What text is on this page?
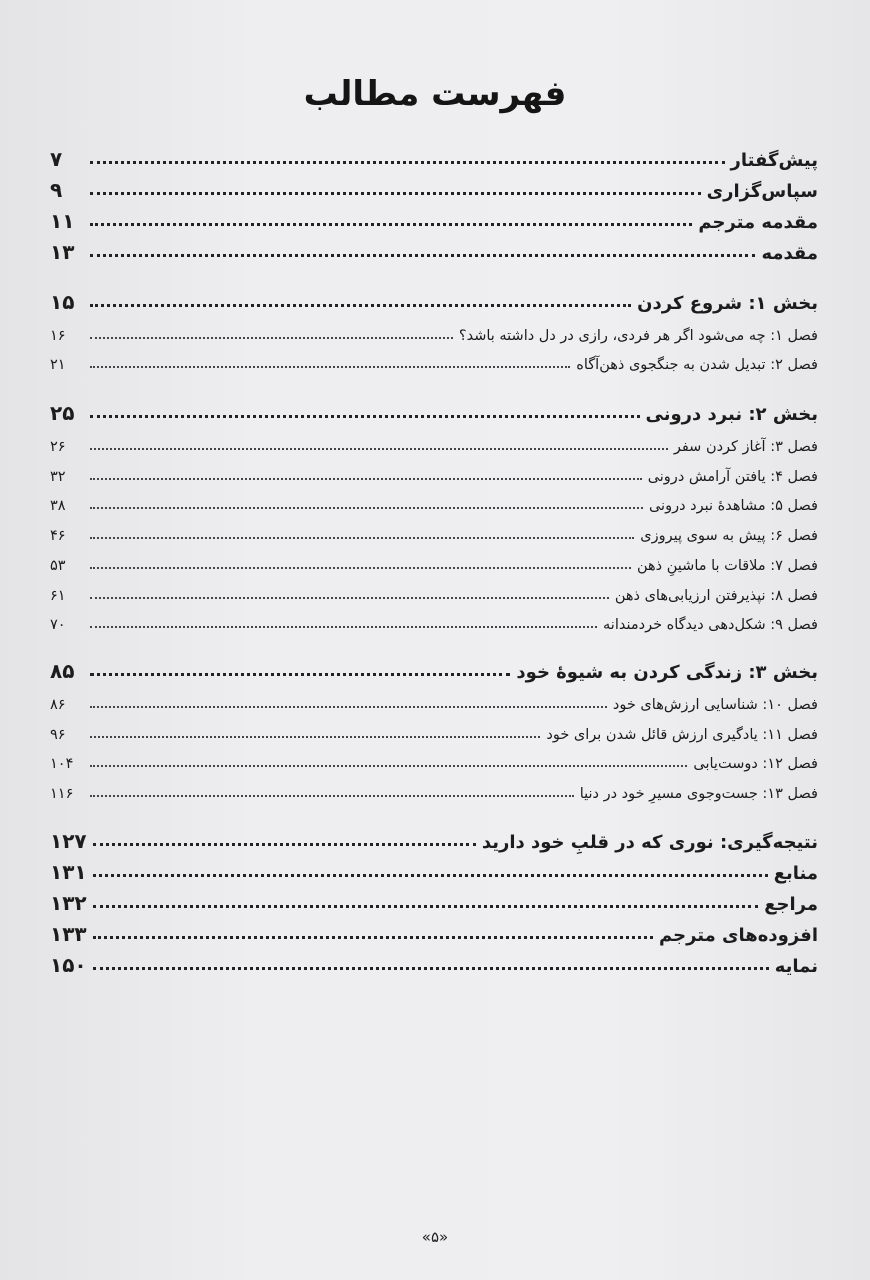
فهرست مطالب
پیش‌گفتار
۷
سپاس‌گزاری
۹
مقدمه مترجم
۱۱
مقدمه
۱۳
بخش ۱: شروع کردن
۱۵
فصل ۱: چه می‌شود اگر هر فردی، رازی در دل داشته باشد؟
۱۶
فصل ۲: تبدیل شدن به جنگجوی ذهن‌آگاه
۲۱
بخش ۲: نبرد درونی
۲۵
فصل ۳: آغاز کردن سفر
۲۶
فصل ۴: یافتن آرامش درونی
۳۲
فصل ۵: مشاهدهٔ نبرد درونی
۳۸
فصل ۶: پیش به سوی پیروزی
۴۶
فصل ۷: ملاقات با ماشینِ ذهن
۵۳
فصل ۸: نپذیرفتن ارزیابی‌های ذهن
۶۱
فصل ۹: شکل‌دهی دیدگاه خردمندانه
۷۰
بخش ۳: زندگی کردن به شیوهٔ خود
۸۵
فصل ۱۰: شناسایی ارزش‌های خود
۸۶
فصل ۱۱: یادگیری ارزش قائل شدن برای خود
۹۶
فصل ۱۲: دوست‌یابی
۱۰۴
فصل ۱۳: جست‌وجوی مسیرِ خود در دنیا
۱۱۶
نتیجه‌گیری: نوری که در قلبِ خود دارید
۱۲۷
منابع
۱۳۱
مراجع
۱۳۲
افزوده‌های مترجم
۱۳۳
نمایه
۱۵۰
«۵»
